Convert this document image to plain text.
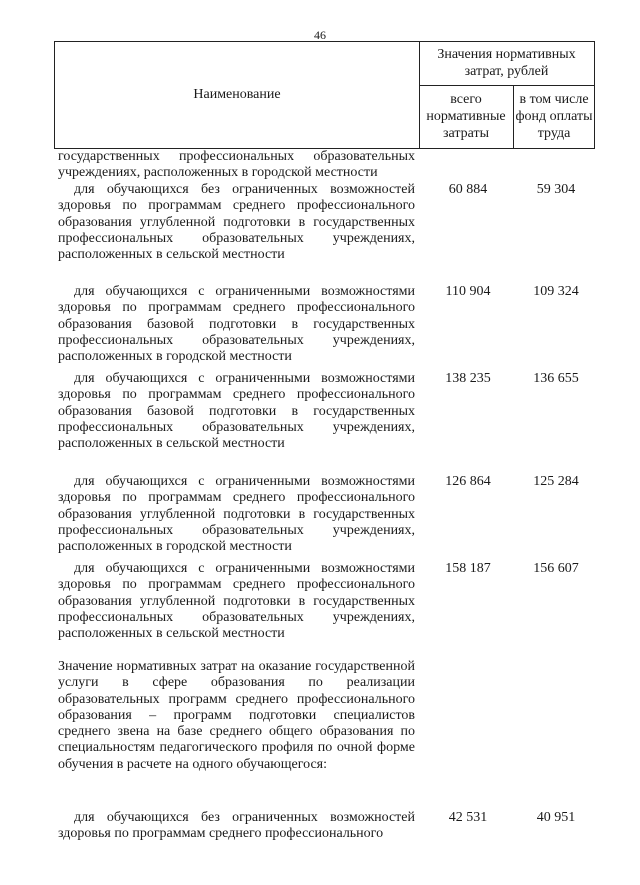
46
Наименование
Значения нормативных затрат, рублей
всего нормативные затраты
в том числе фонд оплаты труда
государственных профессиональных образовательных учреждениях, расположенных в городской местности
для обучающихся без ограниченных возможностей здоровья по программам среднего профессионального образования углубленной подготовки в государственных профессиональных образовательных учреждениях, расположенных в сельской местности
60 884	59 304
для обучающихся с ограниченными возможностями здоровья по программам среднего профессионального образования базовой подготовки в государственных профессиональных образовательных учреждениях, расположенных в городской местности
110 904	109 324
для обучающихся с ограниченными возможностями здоровья по программам среднего профессионального образования базовой подготовки в государственных профессиональных образовательных учреждениях, расположенных в сельской местности
138 235	136 655
для обучающихся с ограниченными возможностями здоровья по программам среднего профессионального образования углубленной подготовки в государственных профессиональных образовательных учреждениях, расположенных в городской местности
126 864	125 284
для обучающихся с ограниченными возможностями здоровья по программам среднего профессионального образования углубленной подготовки в государственных профессиональных образовательных учреждениях, расположенных в сельской местности
158 187	156 607
Значение нормативных затрат на оказание государственной услуги в сфере образования по реализации образовательных программ среднего профессионального образования – программ подготовки специалистов среднего звена на базе среднего общего образования по специальностям педагогического профиля по очной форме обучения в расчете на одного обучающегося:
для обучающихся без ограниченных возможностей здоровья по программам среднего профессионального
42 531	40 951
